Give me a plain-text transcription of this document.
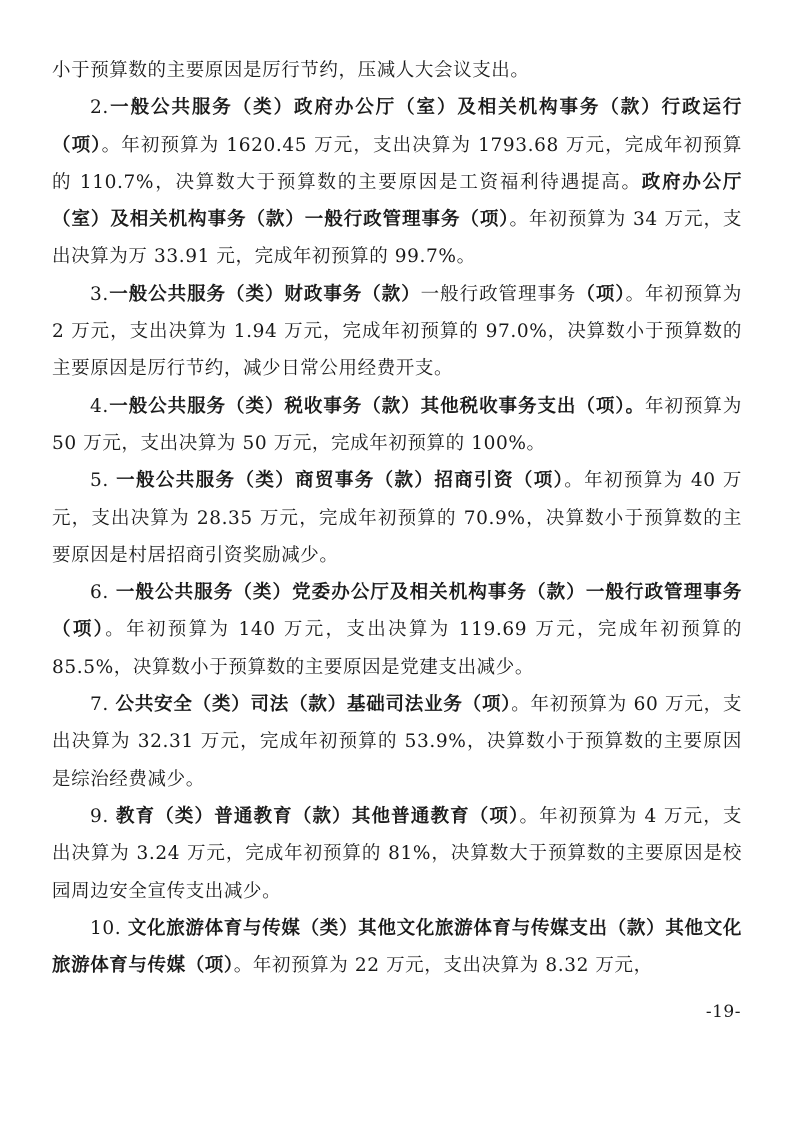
小于预算数的主要原因是厉行节约，压减人大会议支出。

2.一般公共服务（类）政府办公厅（室）及相关机构事务（款）行政运行（项）。年初预算为 1620.45 万元，支出决算为 1793.68 万元，完成年初预算的 110.7%，决算数大于预算数的主要原因是工资福利待遇提高。政府办公厅（室）及相关机构事务（款）一般行政管理事务（项）。年初预算为 34 万元，支出决算为万 33.91 元，完成年初预算的 99.7%。

3.一般公共服务（类）财政事务（款）一般行政管理事务（项）。年初预算为 2 万元，支出决算为 1.94 万元，完成年初预算的 97.0%，决算数小于预算数的主要原因是厉行节约，减少日常公用经费开支。

4.一般公共服务（类）税收事务（款）其他税收事务支出（项）。年初预算为 50 万元，支出决算为 50 万元，完成年初预算的 100%。

5. 一般公共服务（类）商贸事务（款）招商引资（项）。年初预算为 40 万元，支出决算为 28.35 万元，完成年初预算的 70.9%，决算数小于预算数的主要原因是村居招商引资奖励减少。

6. 一般公共服务（类）党委办公厅及相关机构事务（款）一般行政管理事务（项）。年初预算为 140 万元，支出决算为 119.69 万元，完成年初预算的 85.5%，决算数小于预算数的主要原因是党建支出减少。

7. 公共安全（类）司法（款）基础司法业务（项）。年初预算为 60 万元，支出决算为 32.31 万元，完成年初预算的 53.9%，决算数小于预算数的主要原因是综治经费减少。

9. 教育（类）普通教育（款）其他普通教育（项）。年初预算为 4 万元，支出决算为 3.24 万元，完成年初预算的 81%，决算数大于预算数的主要原因是校园周边安全宣传支出减少。

10. 文化旅游体育与传媒（类）其他文化旅游体育与传媒支出（款）其他文化旅游体育与传媒（项）。年初预算为 22 万元，支出决算为 8.32 万元，

-19-
